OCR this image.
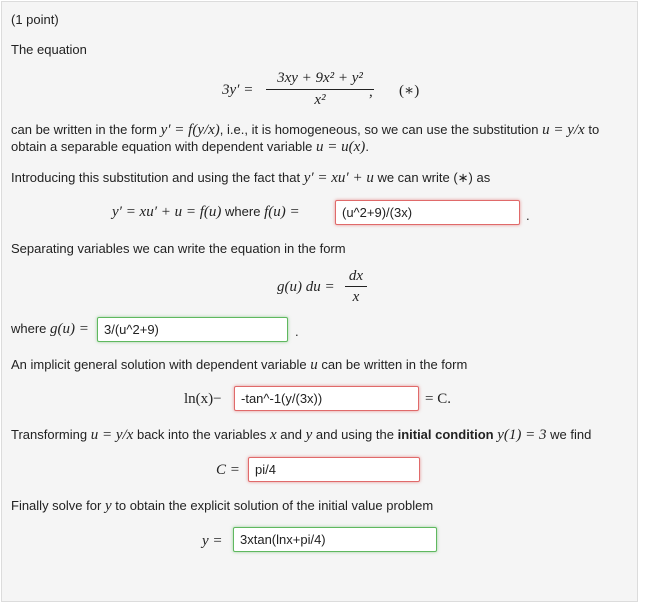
(1 point)
The equation
3y′ =
3xy + 9x² + y²
x²	, (∗)
can be written in the form y′ = f(y/x), i.e., it is homogeneous, so we can use the substitution u = y/x to
obtain a separable equation with dependent variable u = u(x).
Introducing this substitution and using the fact that y′ = xu′ + u we can write (∗) as
y′ = xu′ + u = f(u) where f(u) =	(u^2+9)/(3x)	.
Separating variables we can write the equation in the form
g(u) du =
dx
x
where g(u) =	3/(u^2+9)	.
An implicit general solution with dependent variable u can be written in the form
ln(x)−	-tan^-1(y/(3x))	= C.
Transforming u = y/x back into the variables x and y and using the initial condition y(1) = 3 we find
C =	pi/4
Finally solve for y to obtain the explicit solution of the initial value problem
y =	3xtan(lnx+pi/4)
